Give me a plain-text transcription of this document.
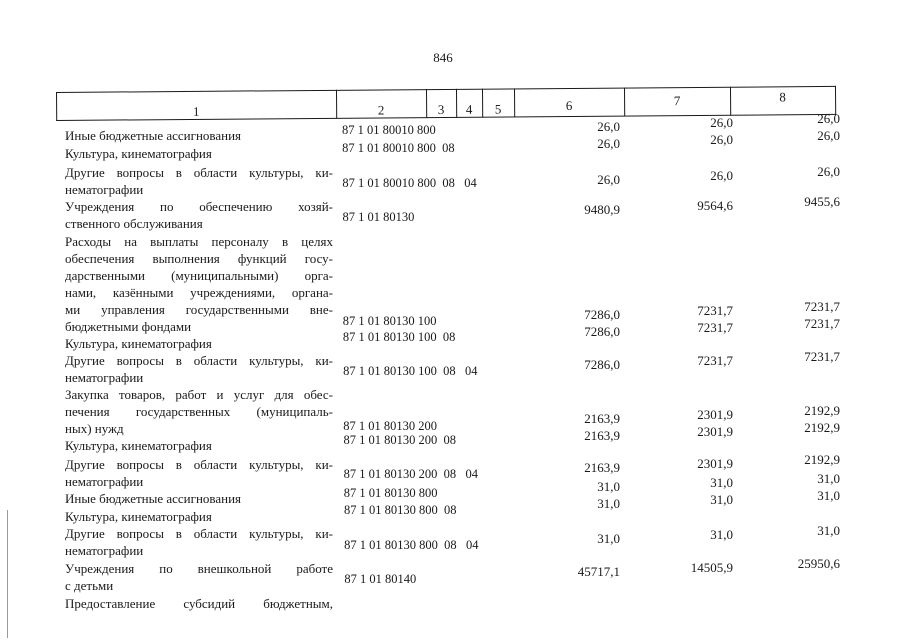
846
1	2	3	4	5	6	7	8
Иные бюджетные ассигнования	87 1 01 80010 800	26,0	26,0	26,0
Культура, кинематография	87 1 01 80010 800  08	26,0	26,0	26,0
Другие вопросы в области культуры, ки-
нематографии	87 1 01 80010 800  08   04	26,0	26,0	26,0
Учреждения по обеспечению хозяй-
ственного обслуживания	87 1 01 80130	9480,9	9564,6	9455,6
Расходы на выплаты персоналу в целях
обеспечения выполнения функций госу-
дарственными (муниципальными) орга-
нами, казёнными учреждениями, органа-
ми управления государственными вне-
бюджетными фондами	87 1 01 80130 100	7286,0	7231,7	7231,7
Культура, кинематография	87 1 01 80130 100  08	7286,0	7231,7	7231,7
Другие вопросы в области культуры, ки-
нематографии	87 1 01 80130 100  08   04	7286,0	7231,7	7231,7
Закупка товаров, работ и услуг для обес-
печения государственных (муниципаль-
ных) нужд	87 1 01 80130 200	2163,9	2301,9	2192,9
Культура, кинематография	87 1 01 80130 200  08	2163,9	2301,9	2192,9
Другие вопросы в области культуры, ки-
нематографии	87 1 01 80130 200  08   04	2163,9	2301,9	2192,9
Иные бюджетные ассигнования	87 1 01 80130 800	31,0	31,0	31,0
Культура, кинематография	87 1 01 80130 800  08	31,0	31,0	31,0
Другие вопросы в области культуры, ки-
нематографии	87 1 01 80130 800  08   04	31,0	31,0	31,0
Учреждения по внешкольной работе
с детьми	87 1 01 80140	45717,1	14505,9	25950,6
Предоставление субсидий бюджетным,
